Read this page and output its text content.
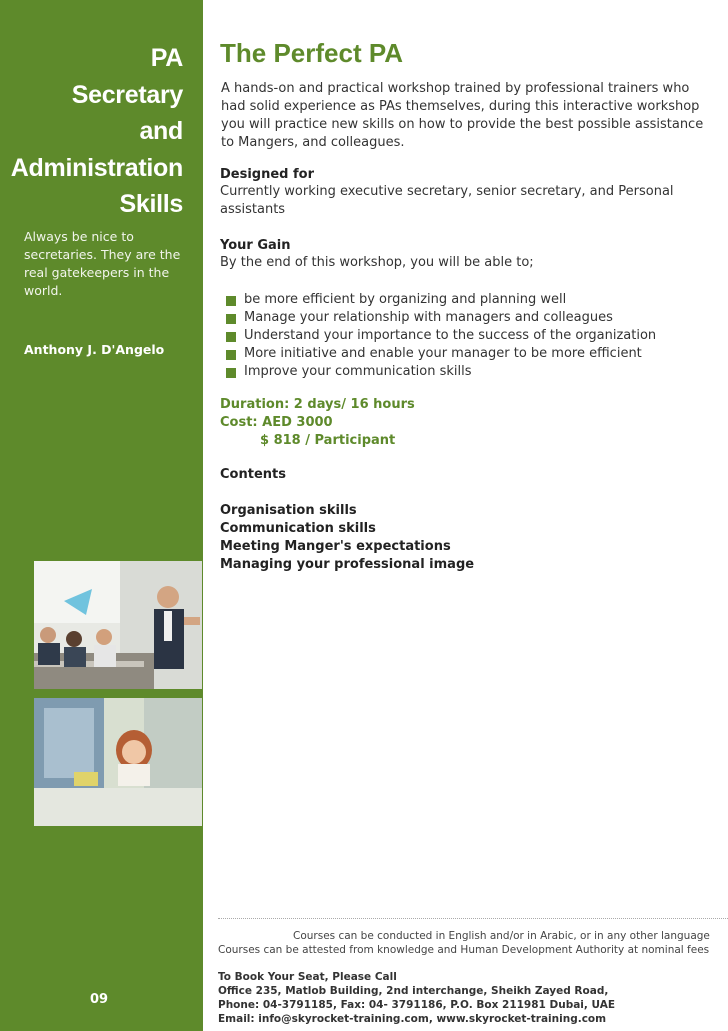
PA
Secretary
and
Administration
Skills

Always be nice to secretaries. They are the real gatekeepers in the world.

Anthony J. D'Angelo
09
The Perfect PA

A hands-on and practical workshop trained by professional trainers who had solid experience as PAs themselves, during this interactive workshop you will practice new skills on how to provide the best possible assistance to Mangers, and colleagues.

Designed for
Currently working executive secretary, senior secretary, and Personal assistants
Your Gain
By the end of this workshop, you will be able to;
be more efficient by organizing and planning well
Manage your relationship with managers and colleagues
Understand your importance to the success of the organization
More initiative and enable your manager to be more efficient
Improve your communication skills
Duration: 2 days/ 16 hours
Cost: AED 3000
$ 818 / Participant
Contents
Organisation skills
Communication skills
Meeting Manger's expectations
Managing your professional image
Courses can be conducted in English and/or in Arabic, or in any other language
Courses can be attested from knowledge and Human Development Authority at nominal fees
To Book Your Seat, Please Call
Office 235, Matlob Building, 2nd interchange, Sheikh Zayed Road,
Phone: 04-3791185, Fax: 04- 3791186, P.O. Box 211981 Dubai, UAE
Email: info@skyrocket-training.com, www.skyrocket-training.com
